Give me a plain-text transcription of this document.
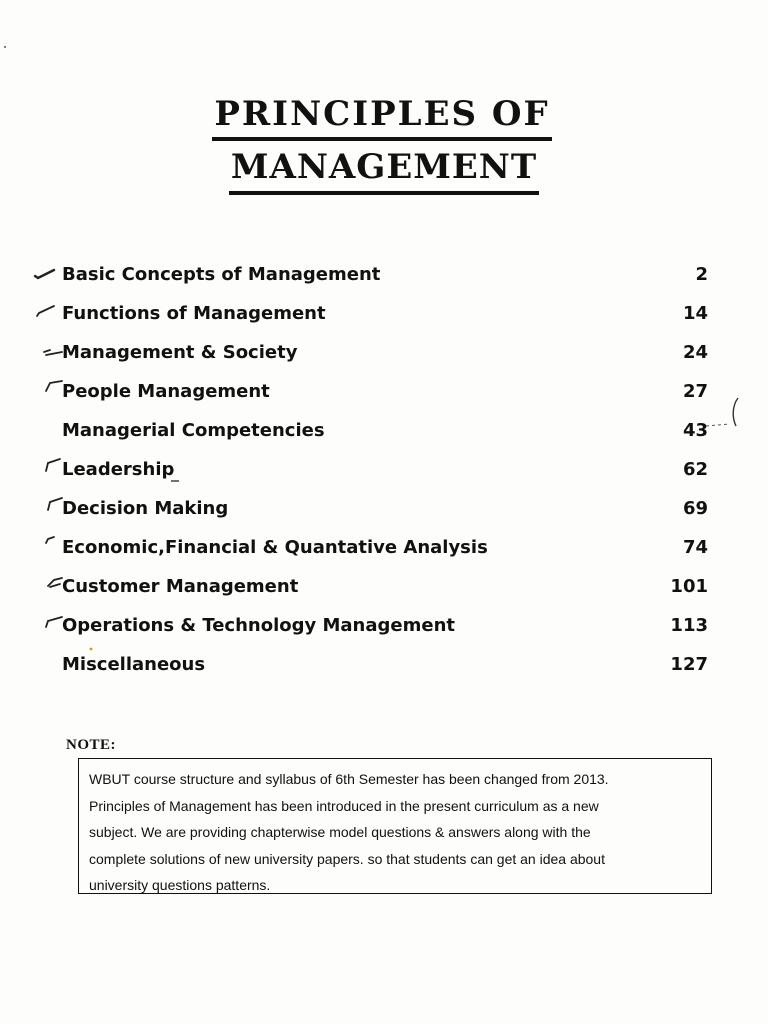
PRINCIPLES OF
MANAGEMENT
Basic Concepts of Management	2
Functions of Management	14
Management & Society	24
People Management	27
Managerial Competencies	43
Leadership	62
Decision Making	69
Economic,Financial & Quantative Analysis	74
Customer Management	101
Operations & Technology Management	113
Miscellaneous	127
NOTE:
WBUT course structure and syllabus of 6th Semester has been changed from 2013.
Principles of Management has been introduced in the present curriculum as a new
subject. We are providing chapterwise model questions & answers along with the
complete solutions of new university papers. so that students can get an idea about
university questions patterns.
